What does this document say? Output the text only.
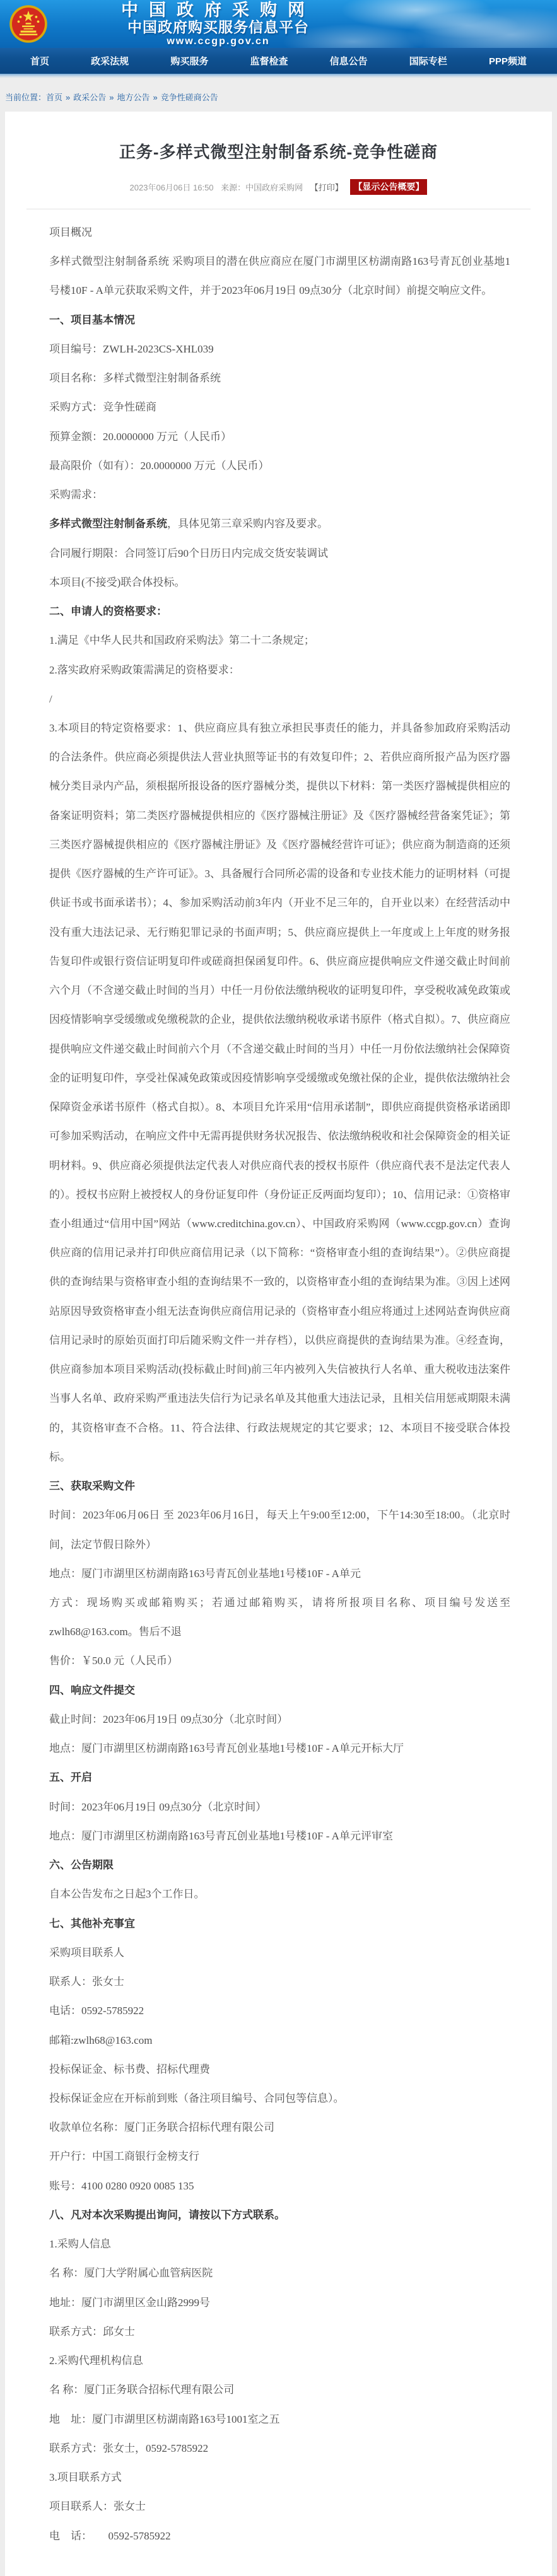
中国政府采购网
中国政府购买服务信息平台
www.ccgp.gov.cn
首页	政采法规	购买服务	监督检查	信息公告	国际专栏	PPP频道
当前位置：首页 » 政采公告 » 地方公告 » 竞争性磋商公告
正务-多样式微型注射制备系统-竞争性磋商
2023年06月06日 16:50 来源：中国政府采购网 【打印】 【显示公告概要】

项目概况

多样式微型注射制备系统 采购项目的潜在供应商应在厦门市湖里区枋湖南路163号青瓦创业基地1号楼10F - A单元获取采购文件，并于2023年06月19日 09点30分（北京时间）前提交响应文件。

一、项目基本情况

项目编号：ZWLH-2023CS-XHL039

项目名称：多样式微型注射制备系统

采购方式：竞争性磋商

预算金额：20.0000000 万元（人民币）

最高限价（如有）：20.0000000 万元（人民币）

采购需求：

多样式微型注射制备系统，具体见第三章采购内容及要求。

合同履行期限：合同签订后90个日历日内完成交货安装调试

本项目(不接受)联合体投标。

二、申请人的资格要求：

1.满足《中华人民共和国政府采购法》第二十二条规定；

2.落实政府采购政策需满足的资格要求：

/

3.本项目的特定资格要求：1、供应商应具有独立承担民事责任的能力，并具备参加政府采购活动的合法条件。供应商必须提供法人营业执照等证书的有效复印件；2、若供应商所报产品为医疗器械分类目录内产品，须根据所报设备的医疗器械分类，提供以下材料：第一类医疗器械提供相应的备案证明资料；第二类医疗器械提供相应的《医疗器械注册证》及《医疗器械经营备案凭证》；第三类医疗器械提供相应的《医疗器械注册证》及《医疗器械经营许可证》；供应商为制造商的还须提供《医疗器械的生产许可证》。3、具备履行合同所必需的设备和专业技术能力的证明材料（可提供证书或书面承诺书）；4、参加采购活动前3年内（开业不足三年的，自开业以来）在经营活动中没有重大违法记录、无行贿犯罪记录的书面声明；5、供应商应提供上一年度或上上年度的财务报告复印件或银行资信证明复印件或磋商担保函复印件。6、供应商应提供响应文件递交截止时间前六个月（不含递交截止时间的当月）中任一月份依法缴纳税收的证明复印件，享受税收减免政策或因疫情影响享受缓缴或免缴税款的企业，提供依法缴纳税收承诺书原件（格式自拟）。7、供应商应提供响应文件递交截止时间前六个月（不含递交截止时间的当月）中任一月份依法缴纳社会保障资金的证明复印件，享受社保减免政策或因疫情影响享受缓缴或免缴社保的企业，提供依法缴纳社会保障资金承诺书原件（格式自拟）。8、本项目允许采用“信用承诺制”，即供应商提供资格承诺函即可参加采购活动，在响应文件中无需再提供财务状况报告、依法缴纳税收和社会保障资金的相关证明材料。9、供应商必须提供法定代表人对供应商代表的授权书原件（供应商代表不是法定代表人的）。授权书应附上被授权人的身份证复印件（身份证正反两面均复印）；10、信用记录：①资格审查小组通过“信用中国”网站（www.creditchina.gov.cn）、中国政府采购网（www.ccgp.gov.cn）查询供应商的信用记录并打印供应商信用记录（以下简称：“资格审查小组的查询结果”）。②供应商提供的查询结果与资格审查小组的查询结果不一致的，以资格审查小组的查询结果为准。③因上述网站原因导致资格审查小组无法查询供应商信用记录的（资格审查小组应将通过上述网站查询供应商信用记录时的原始页面打印后随采购文件一并存档），以供应商提供的查询结果为准。④经查询，供应商参加本项目采购活动(投标截止时间)前三年内被列入失信被执行人名单、重大税收违法案件当事人名单、政府采购严重违法失信行为记录名单及其他重大违法记录，且相关信用惩戒期限未满的，其资格审查不合格。11、符合法律、行政法规规定的其它要求；12、本项目不接受联合体投标。

三、获取采购文件

时间：2023年06月06日 至 2023年06月16日，每天上午9:00至12:00，下午14:30至18:00。（北京时间，法定节假日除外）

地点：厦门市湖里区枋湖南路163号青瓦创业基地1号楼10F - A单元

方式：现场购买或邮箱购买；若通过邮箱购买，请将所报项目名称、项目编号发送至zwlh68@163.com。售后不退

售价：￥50.0 元（人民币）

四、响应文件提交

截止时间：2023年06月19日 09点30分（北京时间）

地点：厦门市湖里区枋湖南路163号青瓦创业基地1号楼10F - A单元开标大厅

五、开启

时间：2023年06月19日 09点30分（北京时间）

地点：厦门市湖里区枋湖南路163号青瓦创业基地1号楼10F - A单元评审室

六、公告期限

自本公告发布之日起3个工作日。

七、其他补充事宜

采购项目联系人

联系人：张女士

电话：0592-5785922

邮箱:zwlh68@163.com

投标保证金、标书费、招标代理费

投标保证金应在开标前到账（备注项目编号、合同包等信息）。

收款单位名称：厦门正务联合招标代理有限公司

开户行：中国工商银行金榜支行

账号：4100 0280 0920 0085 135

八、凡对本次采购提出询问，请按以下方式联系。

1.采购人信息

名 称：厦门大学附属心血管病医院

地址：厦门市湖里区金山路2999号

联系方式：邱女士

2.采购代理机构信息

名 称：厦门正务联合招标代理有限公司

地　址：厦门市湖里区枋湖南路163号1001室之五

联系方式：张女士，0592-5785922

3.项目联系方式

项目联系人：张女士

电　话：　　0592-5785922
